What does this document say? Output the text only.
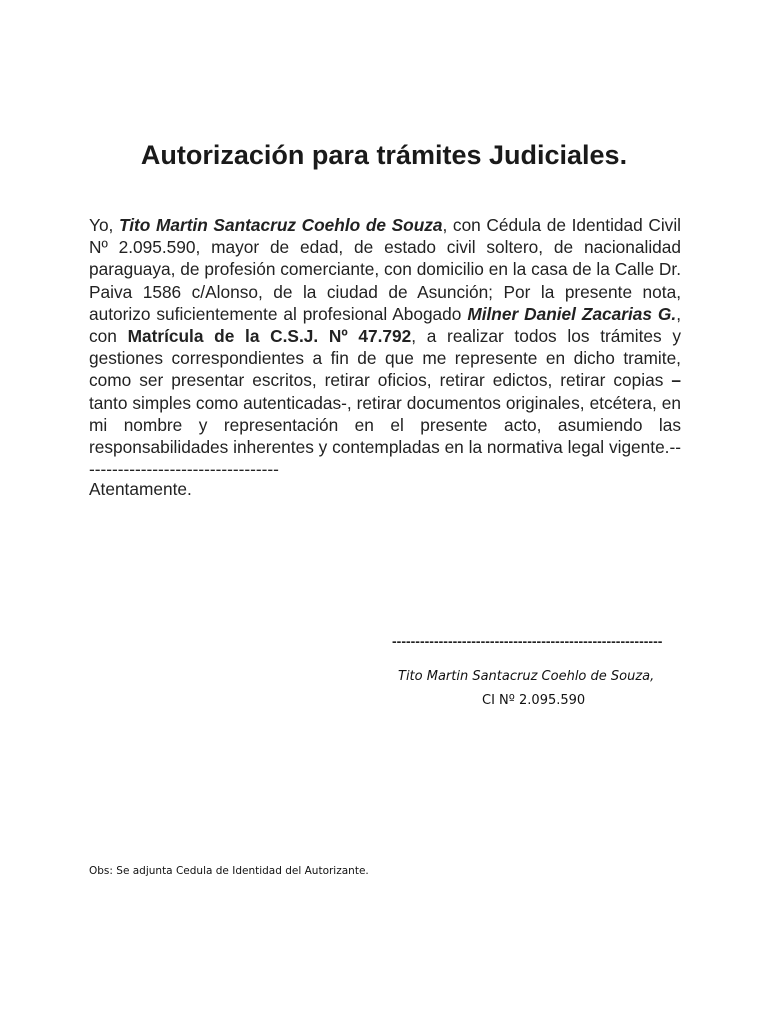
Autorización para trámites Judiciales.
Yo, Tito Martin Santacruz Coehlo de Souza, con Cédula de Identidad Civil Nº 2.095.590, mayor de edad, de estado civil soltero, de nacionalidad paraguaya, de profesión comerciante, con domicilio en la casa de la Calle Dr. Paiva 1586 c/Alonso, de la ciudad de Asunción; Por la presente nota, autorizo suficientemente al profesional Abogado Milner Daniel Zacarias G., con Matrícula de la C.S.J. Nº 47.792, a realizar todos los trámites y gestiones correspondientes a fin de que me represente en dicho tramite, como ser presentar escritos, retirar oficios, retirar edictos, retirar copias –tanto simples como autenticadas-, retirar documentos originales, etcétera, en mi nombre y representación en el presente acto, asumiendo las responsabilidades inherentes y contempladas en la normativa legal vigente.-----------------------------------
Atentamente.
----------------------------------------------------------
Tito Martin Santacruz Coehlo de Souza,
CI Nº 2.095.590
Obs: Se adjunta Cedula de Identidad del Autorizante.
